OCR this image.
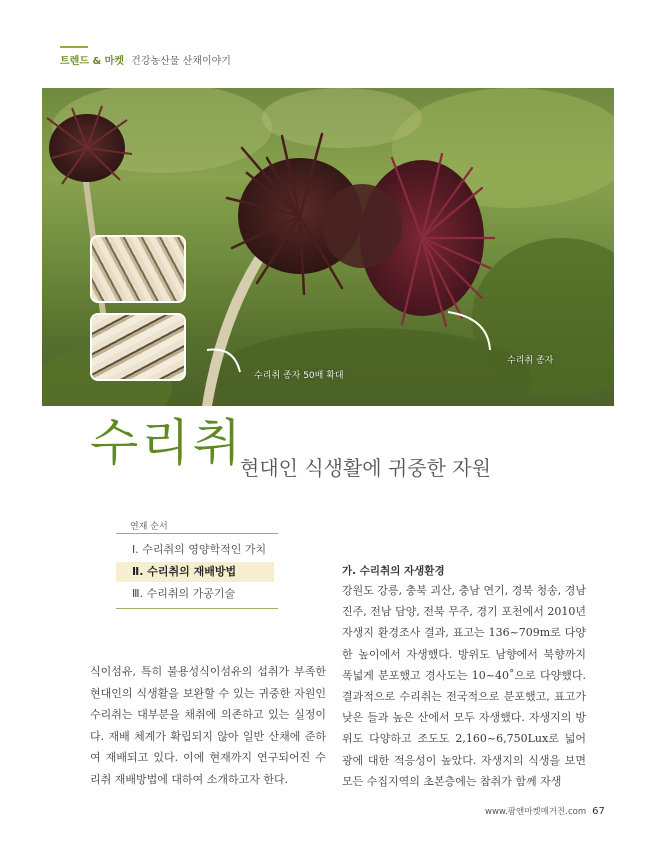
트렌드 & 마켓 건강농산물 산채이야기
수리취 종자 50배 확대
수리취 종자
수리취
현대인 식생활에 귀중한 자원
연재 순서
Ⅰ. 수리취의 영양학적인 가치
Ⅱ. 수리취의 재배방법
Ⅲ. 수리취의 가공기술

식이섬유, 특히 불용성식이섬유의 섭취가 부족한 현대인의 식생활을 보완할 수 있는 귀중한 자원인 수리취는 대부분을 채취에 의존하고 있는 실정이다. 재배 체계가 확립되지 않아 일반 산채에 준하여 재배되고 있다. 이에 현재까지 연구되어진 수리취 재배방법에 대하여 소개하고자 한다.

가. 수리취의 자생환경

강원도 강릉, 충북 괴산, 충남 연기, 경북 청송, 경남 진주, 전남 담양, 전북 무주, 경기 포천에서 2010년 자생지 환경조사 결과, 표고는 136~709m로 다양한 높이에서 자생했다. 방위도 남향에서 북향까지 폭넓게 분포했고 경사도는 10~40˚으로 다양했다. 결과적으로 수리취는 전국적으로 분포했고, 표고가 낮은 들과 높은 산에서 모두 자생했다. 자생지의 방위도 다양하고 조도도 2,160~6,750Lux로 넓어 광에 대한 적응성이 높았다. 자생지의 식생을 보면 모든 수집지역의 초본층에는 참취가 함께 자생

www.팜앤마켓매거진.com 67
